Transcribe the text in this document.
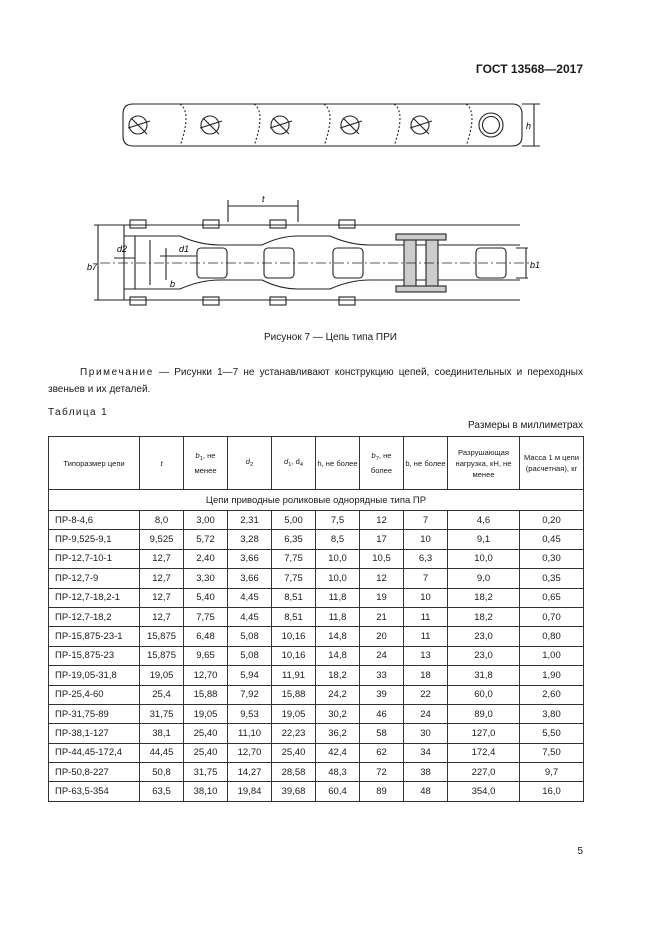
ГОСТ 13568—2017
h
t
b7
d2	d1
b
b1
Рисунок 7 — Цепь типа ПРИ
Примечание — Рисунки 1—7 не устанавливают конструкцию цепей, соединительных и переходных звеньев и их деталей.
Таблица 1
Размеры в миллиметрах
Типоразмер цепи	t	$b_1$, не менее	$d_2$	$d_1$, $d_4$	h, не более	$b_7$, не более	b, не более	Разрушающая нагрузка, кН, не менее	Масса 1 м цепи (расчетная), кг
Цепи приводные роликовые однорядные типа ПР									
ПР-8-4,6	8,0	3,00	2,31	5,00	7,5	12	7	4,6	0,20
ПР-9,525-9,1	9,525	5,72	3,28	6,35	8,5	17	10	9,1	0,45
ПР-12,7-10-1	12,7	2,40	3,66	7,75	10,0	10,5	6,3	10,0	0,30
ПР-12,7-9	12,7	3,30	3,66	7,75	10,0	12	7	9,0	0,35
ПР-12,7-18,2-1	12,7	5,40	4,45	8,51	11,8	19	10	18,2	0,65
ПР-12,7-18,2	12,7	7,75	4,45	8,51	11,8	21	11	18,2	0,70
ПР-15,875-23-1	15,875	6,48	5,08	10,16	14,8	20	11	23,0	0,80
ПР-15,875-23	15,875	9,65	5,08	10,16	14,8	24	13	23,0	1,00
ПР-19,05-31,8	19,05	12,70	5,94	11,91	18,2	33	18	31,8	1,90
ПР-25,4-60	25,4	15,88	7,92	15,88	24,2	39	22	60,0	2,60
ПР-31,75-89	31,75	19,05	9,53	19,05	30,2	46	24	89,0	3,80
ПР-38,1-127	38,1	25,40	11,10	22,23	36,2	58	30	127,0	5,50
ПР-44,45-172,4	44,45	25,40	12,70	25,40	42,4	62	34	172,4	7,50
ПР-50,8-227	50,8	31,75	14,27	28,58	48,3	72	38	227,0	9,7
ПР-63,5-354	63,5	38,10	19,84	39,68	60,4	89	48	354,0	16,0
5
